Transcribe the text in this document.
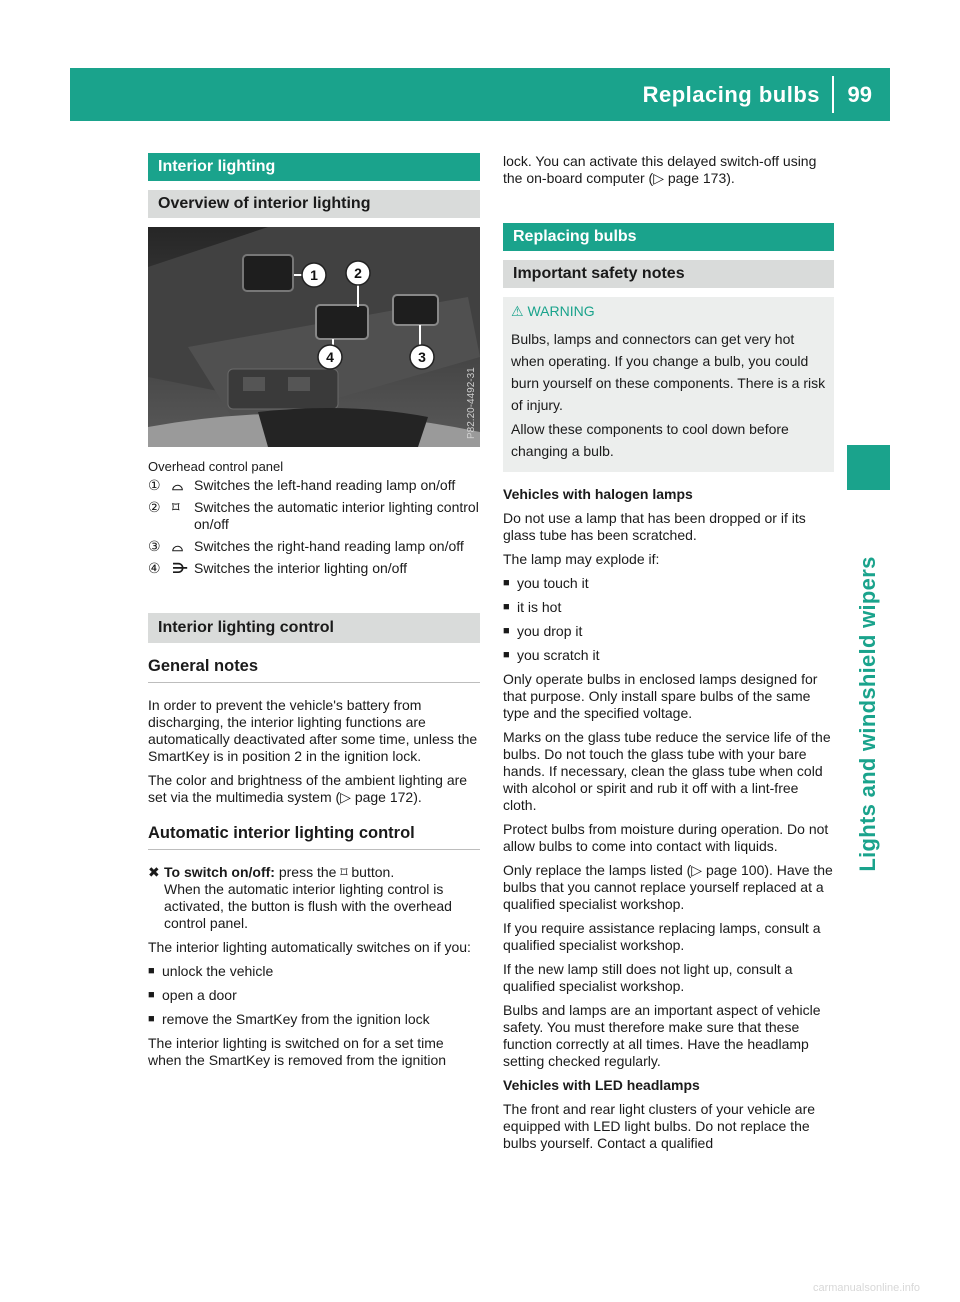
Replacing bulbs 99
Lights and windshield wipers
Interior lighting
Overview of interior lighting
1	2
3
4
P82.20-4492-31
Overhead control panel
① ⌓ Switches the left-hand reading lamp on/off
② ⌑	Switches the automatic interior lighting control on/off
③ ⌓ Switches the right-hand reading lamp on/off
④ ⋺ Switches the interior lighting on/off
Interior lighting control
General notes

In order to prevent the vehicle's battery from discharging, the interior lighting functions are automatically deactivated after some time, unless the SmartKey is in position 2 in the ignition lock.

The color and brightness of the ambient lighting are set via the multimedia system (▷ page 172).

Automatic interior lighting control
✖ To switch on/off: press the ⌑ button.
When the automatic interior lighting control is activated, the button is flush with the overhead control panel.

The interior lighting automatically switches on if you:

■ unlock the vehicle
■ open a door
■ remove the SmartKey from the ignition lock

The interior lighting is switched on for a set time when the SmartKey is removed from the ignition

lock. You can activate this delayed switch-off using the on-board computer (▷ page 173).

Replacing bulbs
Important safety notes
⚠ WARNING

Bulbs, lamps and connectors can get very hot when operating. If you change a bulb, you could burn yourself on these components. There is a risk of injury.

Allow these components to cool down before changing a bulb.

Vehicles with halogen lamps

Do not use a lamp that has been dropped or if its glass tube has been scratched.

The lamp may explode if:

■ you touch it
■ it is hot
■ you drop it
■ you scratch it

Only operate bulbs in enclosed lamps designed for that purpose. Only install spare bulbs of the same type and the specified voltage.

Marks on the glass tube reduce the service life of the bulbs. Do not touch the glass tube with your bare hands. If necessary, clean the glass tube when cold with alcohol or spirit and rub it off with a lint-free cloth.

Protect bulbs from moisture during operation. Do not allow bulbs to come into contact with liquids.

Only replace the lamps listed (▷ page 100). Have the bulbs that you cannot replace yourself replaced at a qualified specialist workshop.

If you require assistance replacing lamps, consult a qualified specialist workshop.

If the new lamp still does not light up, consult a qualified specialist workshop.

Bulbs and lamps are an important aspect of vehicle safety. You must therefore make sure that these function correctly at all times. Have the headlamp setting checked regularly.

Vehicles with LED headlamps

The front and rear light clusters of your vehicle are equipped with LED light bulbs. Do not replace the bulbs yourself. Contact a qualified

carmanualsonline.info
